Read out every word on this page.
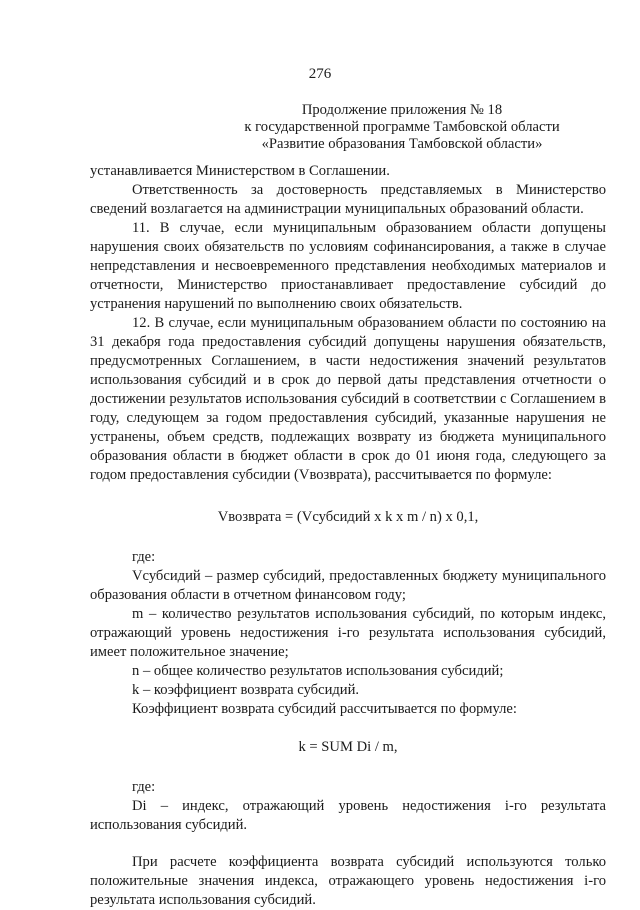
276
Продолжение приложения № 18
к государственной программе Тамбовской области
«Развитие образования Тамбовской области»

устанавливается Министерством в Соглашении.

Ответственность за достоверность представляемых в Министерство сведений возлагается на администрации муниципальных образований области.

11. В случае, если муниципальным образованием области допущены нарушения своих обязательств по условиям софинансирования, а также в случае непредставления и несвоевременного представления необходимых материалов и отчетности, Министерство приостанавливает предоставление субсидий до устранения нарушений по выполнению своих обязательств.

12. В случае, если муниципальным образованием области по состоянию на 31 декабря года предоставления субсидий допущены нарушения обязательств, предусмотренных Соглашением, в части недостижения значений результатов использования субсидий и в срок до первой даты представления отчетности о достижении результатов использования субсидий в соответствии с Соглашением в году, следующем за годом предоставления субсидий, указанные нарушения не устранены, объем средств, подлежащих возврату из бюджета муниципального образования области в бюджет области в срок до 01 июня года, следующего за годом предоставления субсидии (Vвозврата), рассчитывается по формуле:

Vвозврата = (Vсубсидий x k x m / n) x 0,1,

где:

Vсубсидий – размер субсидий, предоставленных бюджету муниципального образования области в отчетном финансовом году;

m – количество результатов использования субсидий, по которым индекс, отражающий уровень недостижения i-го результата использования субсидий, имеет положительное значение;

n – общее количество результатов использования субсидий;

k – коэффициент возврата субсидий.

Коэффициент возврата субсидий рассчитывается по формуле:

k = SUM Di / m,

где:

Di – индекс, отражающий уровень недостижения i-го результата использования субсидий.

При расчете коэффициента возврата субсидий используются только положительные значения индекса, отражающего уровень недостижения i-го результата использования субсидий.
